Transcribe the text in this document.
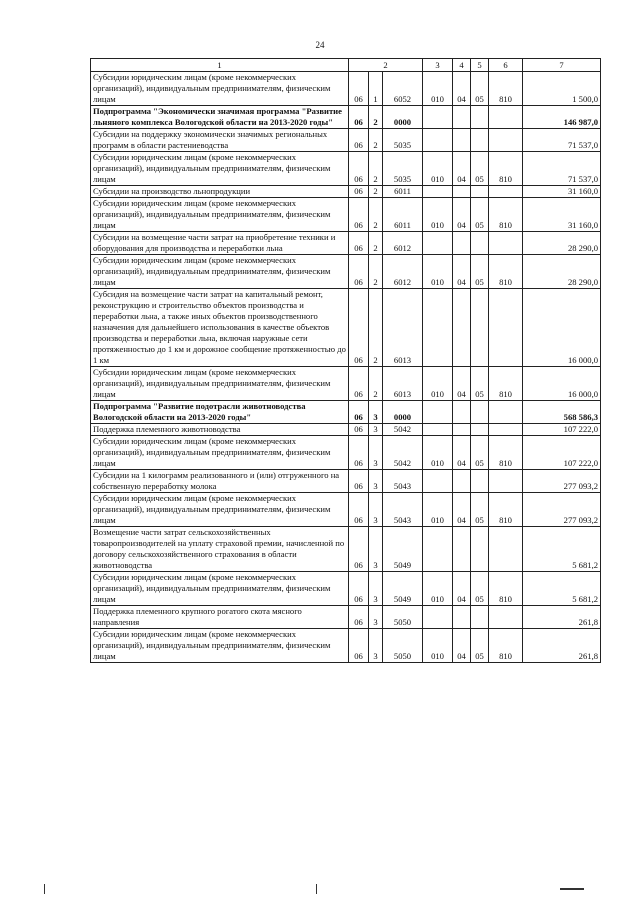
24
1	2			3	4	5	6	7
Субсидии юридическим лицам (кроме некоммерческих организаций), индивидуальным предпринимателям, физическим лицам	06	1	6052	010	04	05	810	1 500,0
Подпрограмма "Экономически значимая программа "Развитие льняного комплекса Вологодской области на 2013-2020 годы"	06	2	0000					146 987,0
Субсидии на поддержку экономически значимых региональных программ в области растениеводства	06	2	5035					71 537,0
Субсидии юридическим лицам (кроме некоммерческих организаций), индивидуальным предпринимателям, физическим лицам	06	2	5035	010	04	05	810	71 537,0
Субсидии на производство льнопродукции	06	2	6011					31 160,0
Субсидии юридическим лицам (кроме некоммерческих организаций), индивидуальным предпринимателям, физическим лицам	06	2	6011	010	04	05	810	31 160,0
Субсидии на возмещение части затрат на приобретение техники и оборудования для производства и переработки льна	06	2	6012					28 290,0
Субсидии юридическим лицам (кроме некоммерческих организаций), индивидуальным предпринимателям, физическим лицам	06	2	6012	010	04	05	810	28 290,0
Субсидия на возмещение части затрат на капитальный ремонт, реконструкцию и строительство объектов производства и переработки льна, а также иных объектов производственного назначения для дальнейшего использования в качестве объектов производства и переработки льна, включая наружные сети протяженностью до 1 км и дорожное сообщение протяженностью до 1 км	06	2	6013					16 000,0
Субсидии юридическим лицам (кроме некоммерческих организаций), индивидуальным предпринимателям, физическим лицам	06	2	6013	010	04	05	810	16 000,0
Подпрограмма "Развитие подотрасли животноводства Вологодской области на 2013-2020 годы"	06	3	0000					568 586,3
Поддержка племенного животноводства	06	3	5042					107 222,0
Субсидии юридическим лицам (кроме некоммерческих организаций), индивидуальным предпринимателям, физическим лицам	06	3	5042	010	04	05	810	107 222,0
Субсидии на 1 килограмм реализованного и (или) отгруженного на собственную переработку молока	06	3	5043					277 093,2
Субсидии юридическим лицам (кроме некоммерческих организаций), индивидуальным предпринимателям, физическим лицам	06	3	5043	010	04	05	810	277 093,2
Возмещение части затрат сельскохозяйственных товаропроизводителей на уплату страховой премии, начисленной по договору сельскохозяйственного страхования в области животноводства	06	3	5049					5 681,2
Субсидии юридическим лицам (кроме некоммерческих организаций), индивидуальным предпринимателям, физическим лицам	06	3	5049	010	04	05	810	5 681,2
Поддержка племенного крупного рогатого скота мясного направления	06	3	5050					261,8
Субсидии юридическим лицам (кроме некоммерческих организаций), индивидуальным предпринимателям, физическим лицам	06	3	5050	010	04	05	810	261,8
